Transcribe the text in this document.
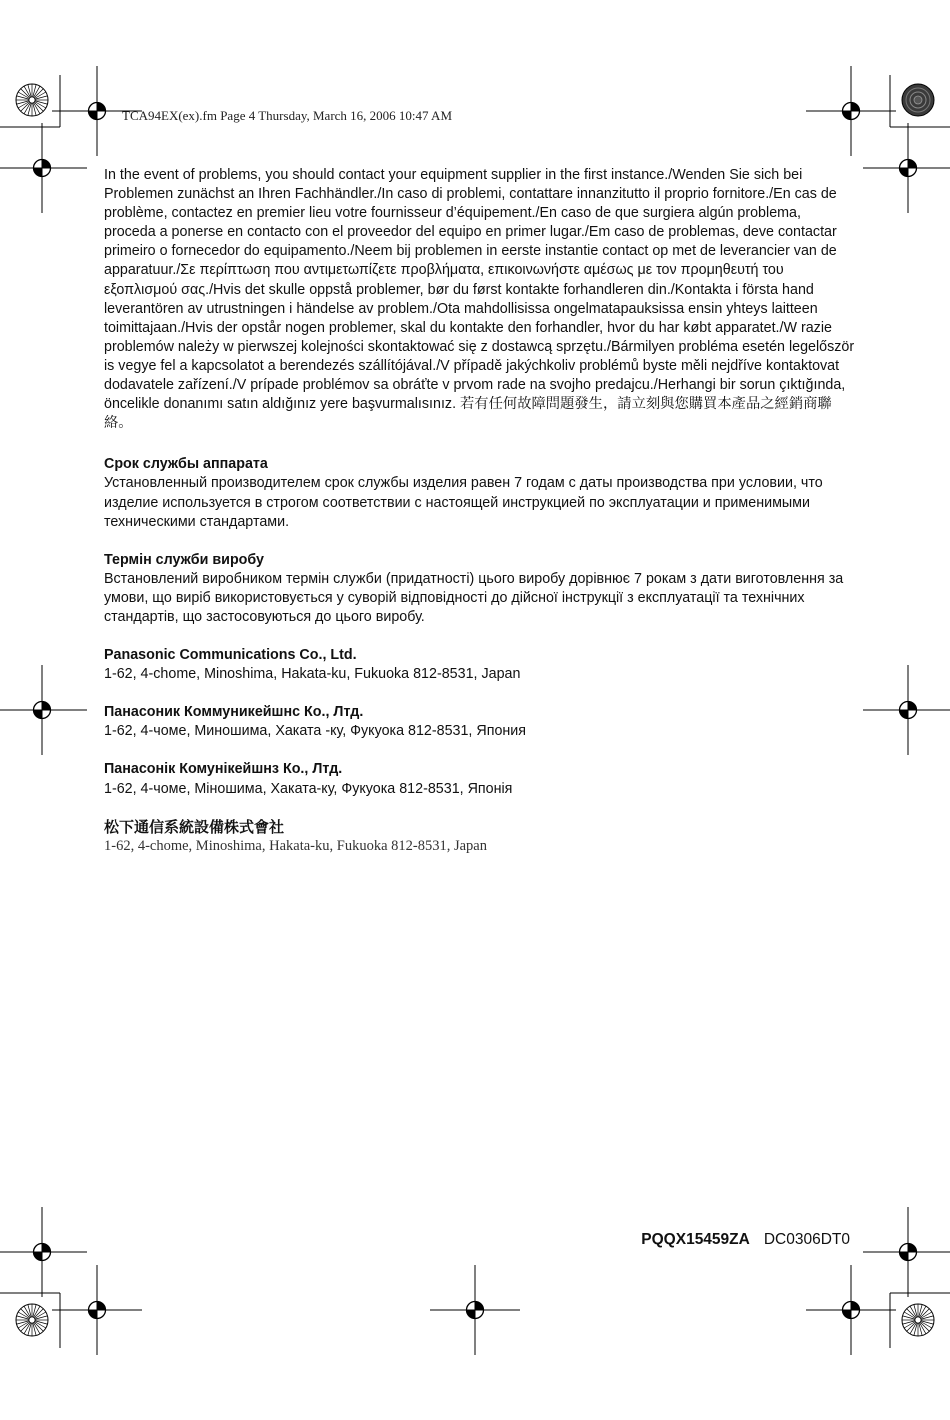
TCA94EX(ex).fm Page 4 Thursday, March 16, 2006 10:47 AM

In the event of problems, you should contact your equipment supplier in the first instance./Wenden Sie sich bei Problemen zunächst an Ihren Fachhändler./In caso di problemi, contattare innanzitutto il proprio fornitore./En cas de problème, contactez en premier lieu votre fournisseur d’équipement./En caso de que surgiera algún problema, proceda a ponerse en contacto con el proveedor del equipo en primer lugar./Em caso de problemas, deve contactar primeiro o fornecedor do equipamento./Neem bij problemen in eerste instantie contact op met de leverancier van de apparatuur./Σε περίπτωση που αντιμετωπίζετε προβλήματα, επικοινωνήστε αμέσως με τον προμηθευτή του εξοπλισμού σας./Hvis det skulle oppstå problemer, bør du først kontakte forhandleren din./Kontakta i första hand leverantören av utrustningen i händelse av problem./Ota mahdollisissa ongelmatapauksissa ensin yhteys laitteen toimittajaan./Hvis der opstår nogen problemer, skal du kontakte den forhandler, hvor du har købt apparatet./W razie problemów należy w pierwszej kolejności skontaktować się z dostawcą sprzętu./Bármilyen probléma esetén legelőször is vegye fel a kapcsolatot a berendezés szállítójával./V případě jakýchkoliv problémů byste měli nejdříve kontaktovat dodavatele zařízení./V prípade problémov sa obráťte v prvom rade na svojho predajcu./Herhangi bir sorun çıktığında, öncelikle donanımı satın aldığınız yere başvurmalısınız. 若有任何故障問題發生，請立刻與您購買本產品之經銷商聯絡。

Срок службы аппарата

Установленный производителем срок службы изделия равен 7 годам с даты производства при условии, что изделие используется в строгом соответствии с настоящей инструкцией по эксплуатации и применимыми техническими стандартами.

Термін служби виробу

Встановлений виробником термін служби (придатності) цього виробу дорівнює 7 рокам з дати виготовлення за умови, що виріб використовується у суворій відповідності до дійсної інструкції з експлуатації та технічних стандартів, що застосовуються до цього виробу.

Panasonic Communications Co., Ltd.

1-62, 4-chome, Minoshima, Hakata-ku, Fukuoka 812-8531, Japan

Панасоник Коммуникейшнс Ко., Лтд.

1-62, 4-чоме, Миношима, Хаката -ку, Фукуока 812-8531, Япония

Панасонік Комунікейшнз Ко., Лтд.

1-62, 4-чоме, Міношима, Хаката-ку, Фукуока 812-8531, Японія

松下通信系統設備株式會社

1-62, 4-chome, Minoshima, Hakata-ku, Fukuoka 812-8531, Japan

PQQX15459ZA DC0306DT0
